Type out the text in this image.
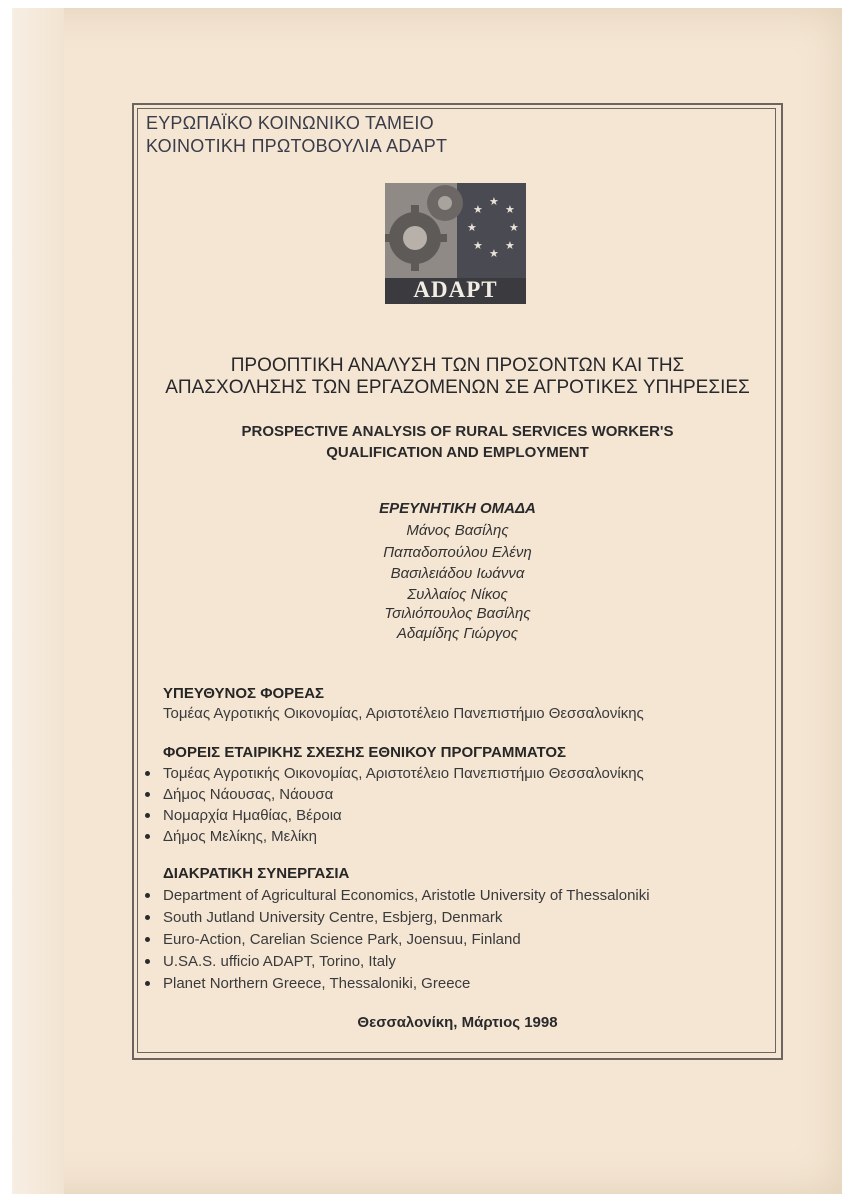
ΕΥΡΩΠΑΪΚΟ ΚΟΙΝΩΝΙΚΟ ΤΑΜΕΙΟ
ΚΟΙΝΟΤΙΚΗ ΠΡΩΤΟΒΟΥΛΙΑ ADAPT
★
★
★
★	★
★ ★
★
ADAPT
ΠΡΟΟΠΤΙΚΗ ΑΝΑΛΥΣΗ ΤΩΝ ΠΡΟΣΟΝΤΩΝ ΚΑΙ ΤΗΣ
ΑΠΑΣΧΟΛΗΣΗΣ ΤΩΝ ΕΡΓΑΖΟΜΕΝΩΝ ΣΕ ΑΓΡΟΤΙΚΕΣ ΥΠΗΡΕΣΙΕΣ
PROSPECTIVE ANALYSIS OF RURAL SERVICES WORKER'S
QUALIFICATION AND EMPLOYMENT
ΕΡΕΥΝΗΤΙΚΗ ΟΜΑΔΑ
Μάνος Βασίλης
Παπαδοπούλου Ελένη
Βασιλειάδου Ιωάννα
Συλλαίος Νίκος
Τσιλιόπουλος Βασίλης
Αδαμίδης Γιώργος
ΥΠΕΥΘΥΝΟΣ ΦΟΡΕΑΣ
Τομέας Αγροτικής Οικονομίας, Αριστοτέλειο Πανεπιστήμιο Θεσσαλονίκης
ΦΟΡΕΙΣ ΕΤΑΙΡΙΚΗΣ ΣΧΕΣΗΣ ΕΘΝΙΚΟΥ ΠΡΟΓΡΑΜΜΑΤΟΣ
Τομέας Αγροτικής Οικονομίας, Αριστοτέλειο Πανεπιστήμιο Θεσσαλονίκης
Δήμος Νάουσας, Νάουσα
Νομαρχία Ημαθίας, Βέροια
Δήμος Μελίκης, Μελίκη
ΔΙΑΚΡΑΤΙΚΗ ΣΥΝΕΡΓΑΣΙΑ
Department of Agricultural Economics, Aristotle University of Thessaloniki
South Jutland University Centre, Esbjerg, Denmark
Euro-Action, Carelian Science Park, Joensuu, Finland
U.SA.S. ufficio ADAPT, Torino, Italy
Planet Northern Greece, Thessaloniki, Greece
Θεσσαλονίκη, Μάρτιος 1998
